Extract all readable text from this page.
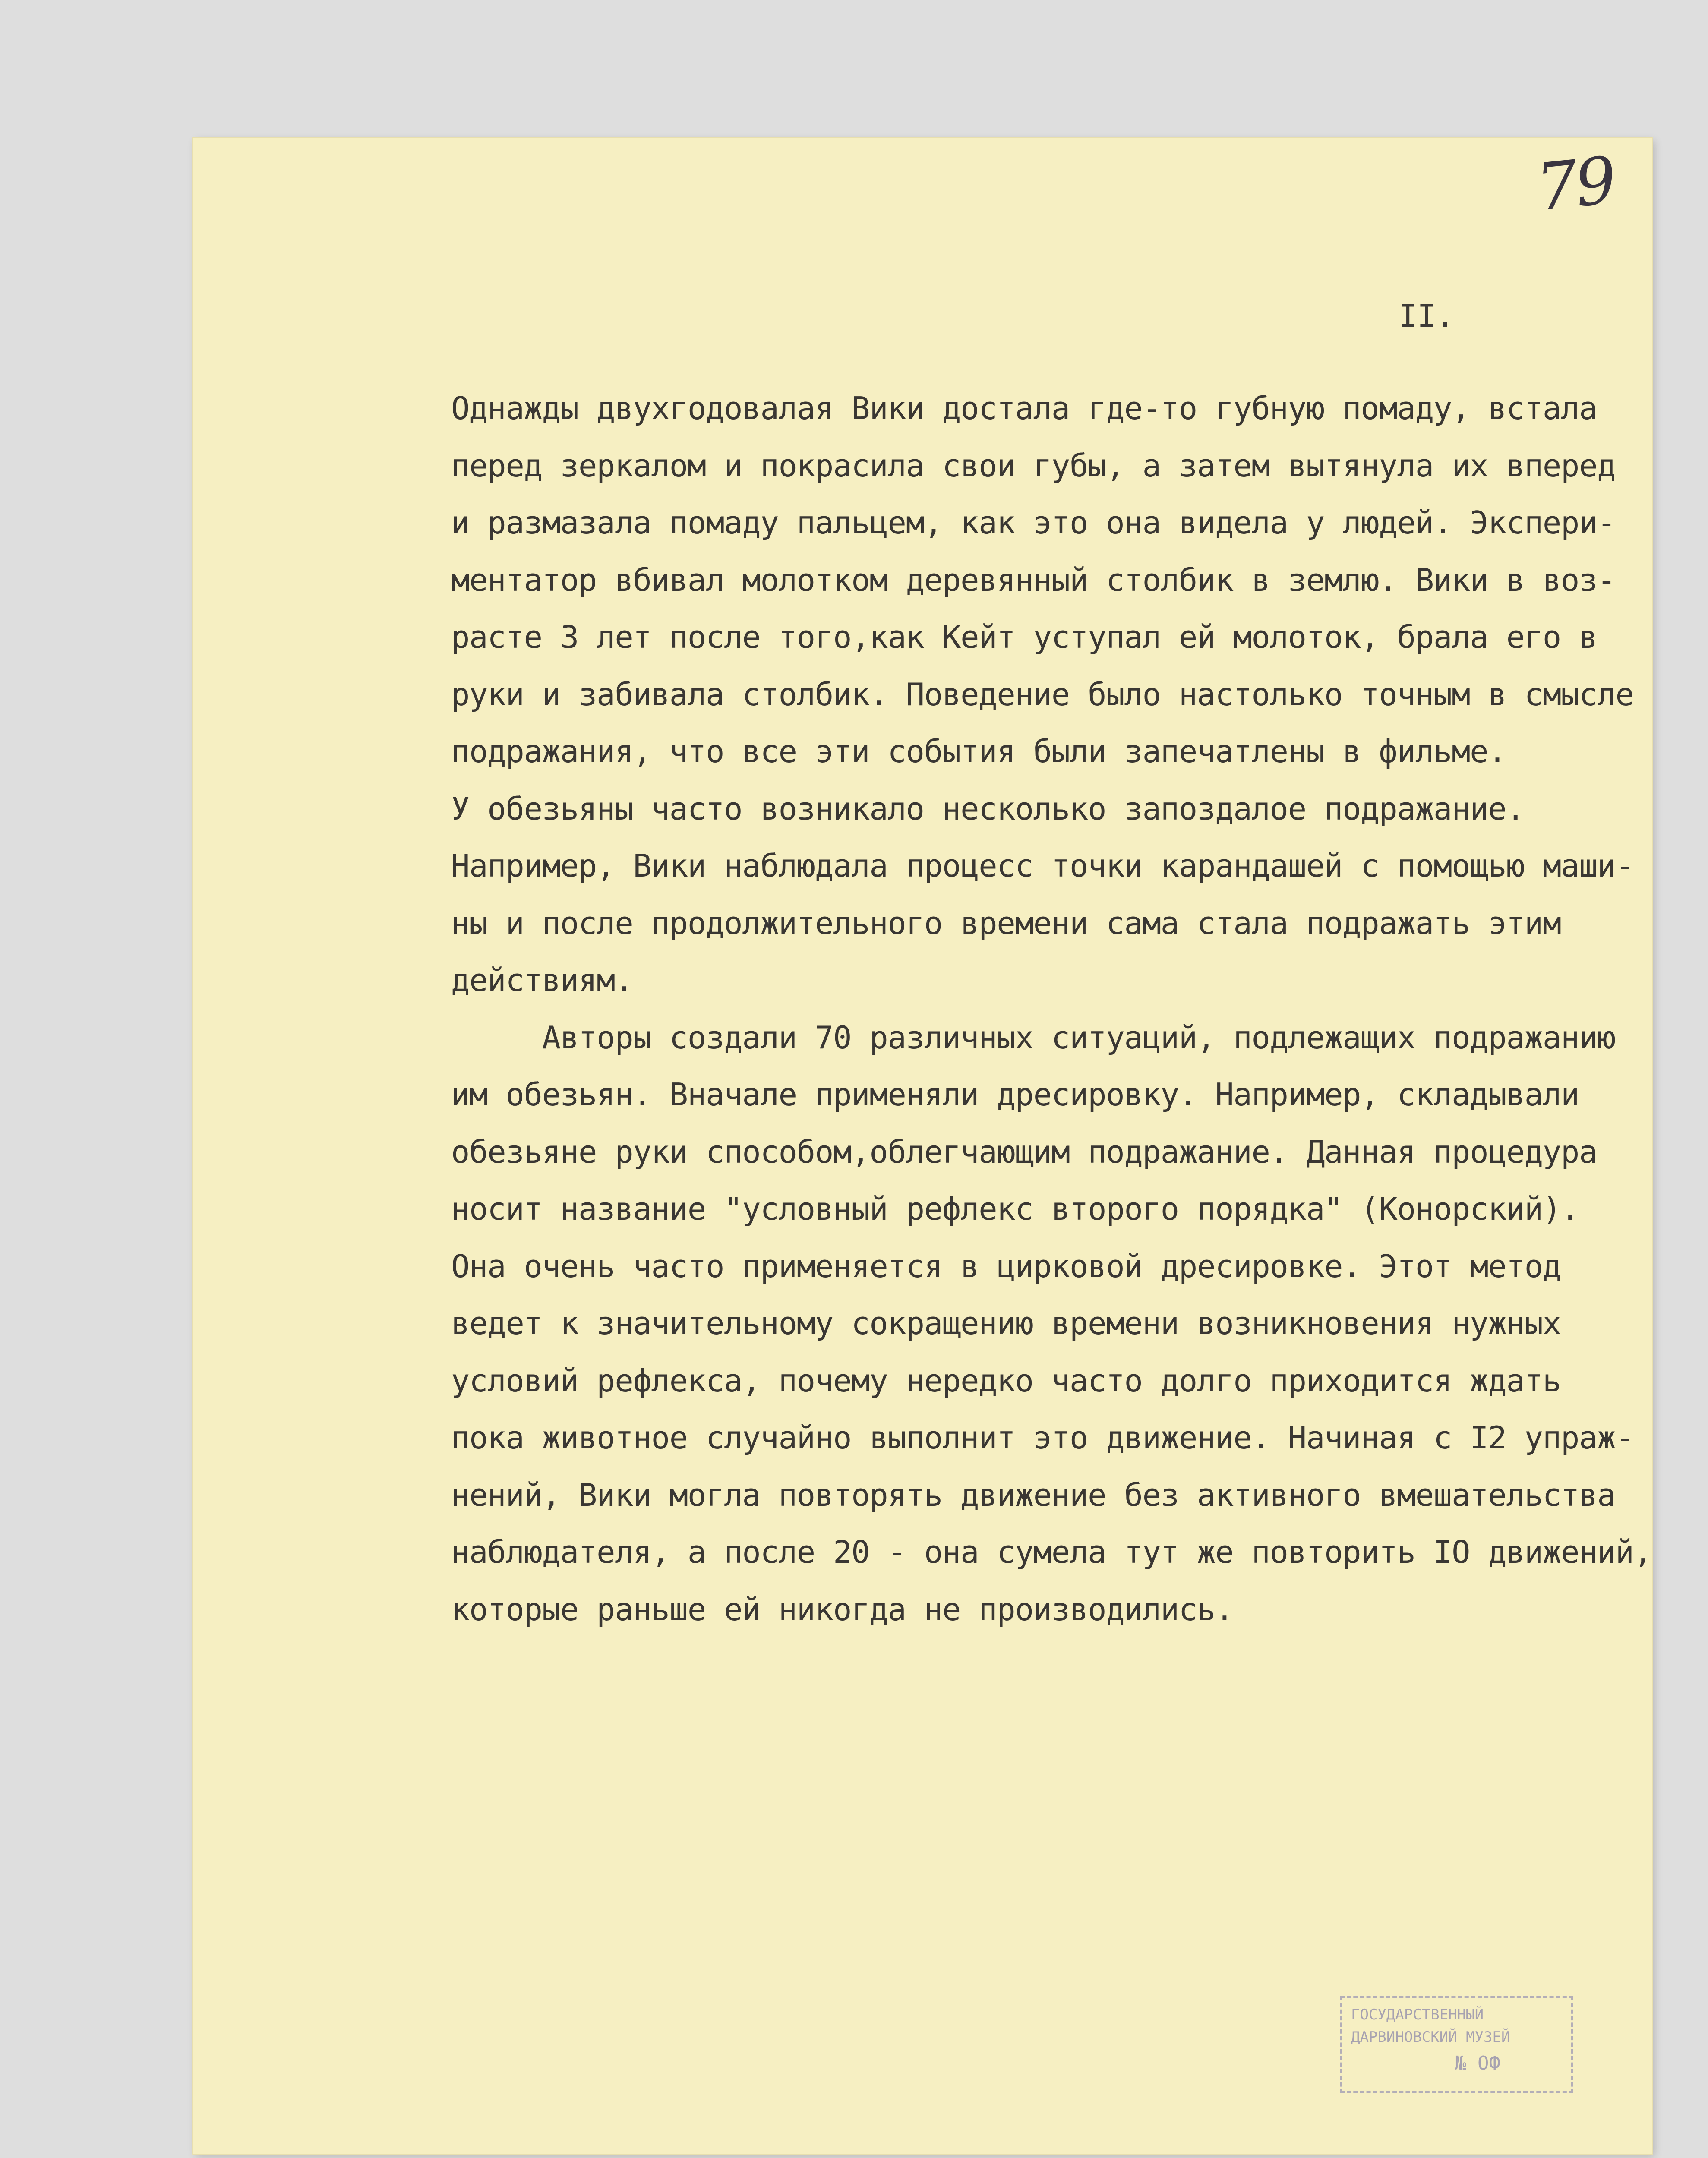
79
II.
Однажды двухгодовалая Вики достала где-то губную помаду, встала
перед зеркалом и покрасила свои губы, а затем вытянула их вперед
и размазала помаду пальцем, как это она видела у людей. Экспери-
ментатор вбивал молотком деревянный столбик в землю. Вики в воз-
расте 3 лет после того,как Кейт уступал ей молоток, брала его в
руки и забивала столбик. Поведение было настолько точным в смысле
подражания, что все эти события были запечатлены в фильме.
У обезьяны часто возникало несколько запоздалое подражание.
Например, Вики наблюдала процесс точки карандашей с помощью маши-
ны и после продолжительного времени сама стала подражать этим
действиям.
Авторы создали 70 различных ситуаций, подлежащих подражанию
им обезьян. Вначале применяли дресировку. Например, складывали
обезьяне руки способом,облегчающим подражание. Данная процедура
носит название "условный рефлекс второго порядка" (Конорский).
Она очень часто применяется в цирковой дресировке. Этот метод
ведет к значительному сокращению времени возникновения нужных
условий рефлекса, почему нередко часто долго приходится ждать
пока животное случайно выполнит это движение. Начиная с I2 упраж-
нений, Вики могла повторять движение без активного вмешательства
наблюдателя, а после 20 - она сумела тут же повторить IO движений,
которые раньше ей никогда не производились.
ГОСУДАРСТВЕННЫЙ
ДАРВИНОВСКИЙ МУЗЕЙ
№ ОФ
